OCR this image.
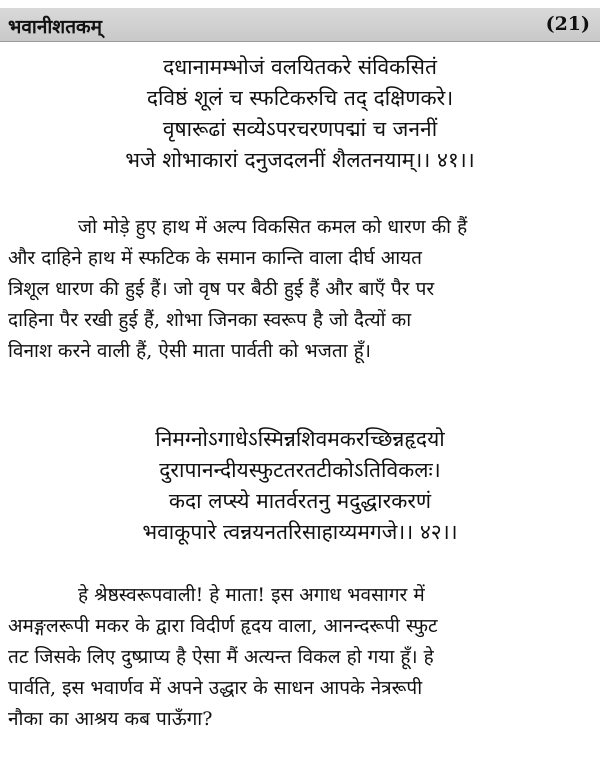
भवानीशतकम्	(21)
दधानामम्भोजं वलयितकरे संविकसितं
दविष्ठं शूलं च स्फटिकरुचि तद् दक्षिणकरे।
वृषारूढां सव्येऽपरचरणपद्मां च जननीं
भजे शोभाकारां दनुजदलनीं शैलतनयाम्।। ४१।।
जो मोड़े हुए हाथ में अल्प विकसित कमल को धारण की हैं
और दाहिने हाथ में स्फटिक के समान कान्ति वाला दीर्घ आयत
त्रिशूल धारण की हुई हैं। जो वृष पर बैठी हुई हैं और बाएँ पैर पर
दाहिना पैर रखी हुई हैं, शोभा जिनका स्वरूप है जो दैत्यों का
विनाश करने वाली हैं, ऐसी माता पार्वती को भजता हूँ।
निमग्नोऽगाधेऽस्मिन्नशिवमकरच्छिन्नहृदयो
दुरापानन्दीयस्फुटतरतटीकोऽतिविकलः।
कदा लप्स्ये मातर्वरतनु मदुद्धारकरणं
भवाकूपारे त्वन्नयनतरिसाहाय्यमगजे।। ४२।।
हे श्रेष्ठस्वरूपवाली! हे माता! इस अगाध भवसागर में
अमङ्गलरूपी मकर के द्वारा विदीर्ण हृदय वाला, आनन्दरूपी स्फुट
तट जिसके लिए दुष्प्राप्य है ऐसा मैं अत्यन्त विकल हो गया हूँ। हे
पार्वति, इस भवार्णव में अपने उद्धार के साधन आपके नेत्ररूपी
नौका का आश्रय कब पाऊँगा?
